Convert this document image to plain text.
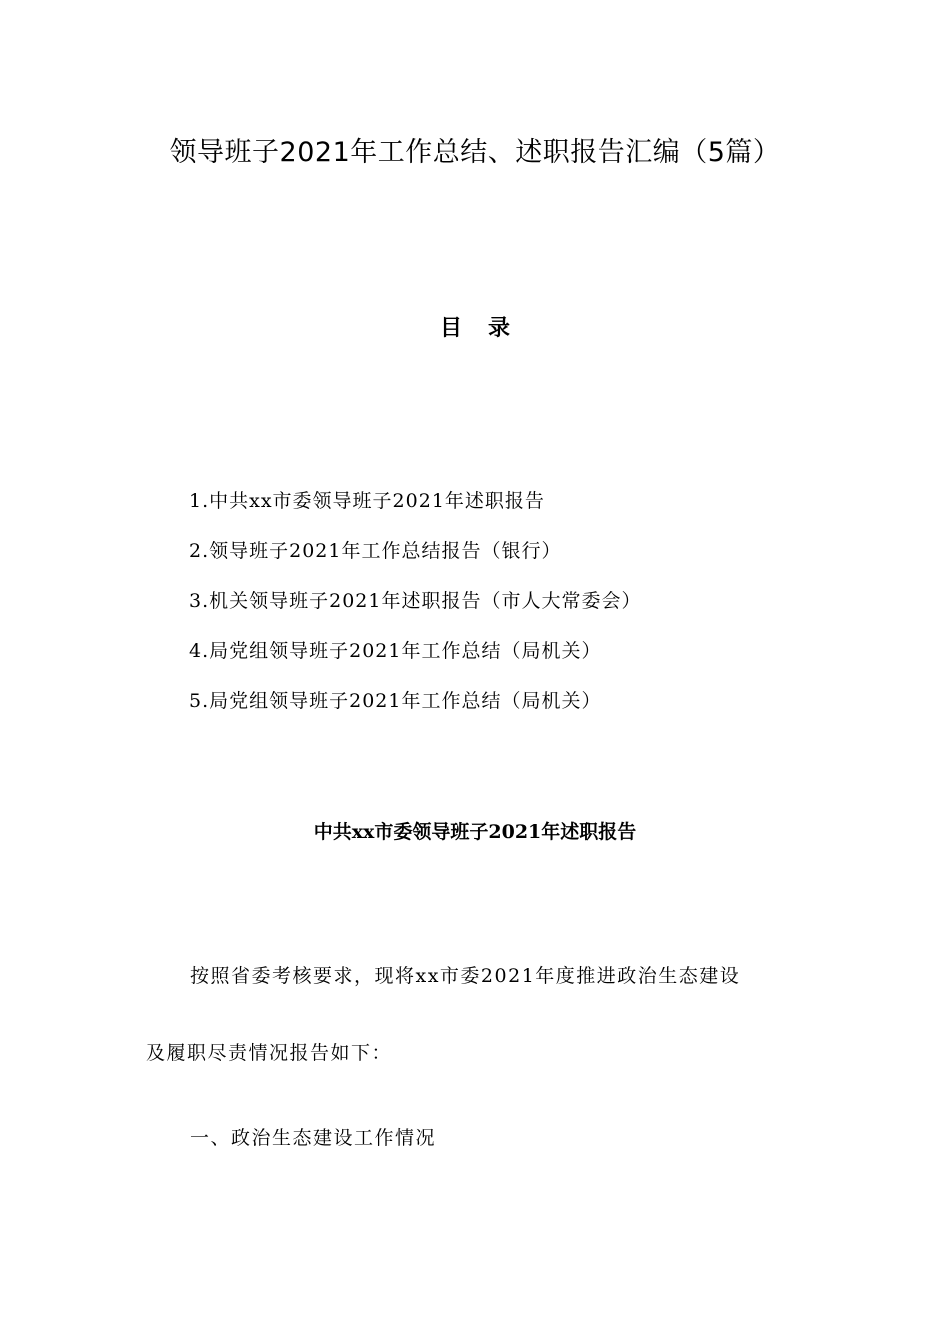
领导班子2021年工作总结、述职报告汇编（5篇）
目录
1.中共xx市委领导班子2021年述职报告
2.领导班子2021年工作总结报告（银行）
3.机关领导班子2021年述职报告（市人大常委会）
4.局党组领导班子2021年工作总结（局机关）
5.局党组领导班子2021年工作总结（局机关）
中共xx市委领导班子2021年述职报告
按照省委考核要求，现将xx市委2021年度推进政治生态建设
及履职尽责情况报告如下：
一、政治生态建设工作情况
